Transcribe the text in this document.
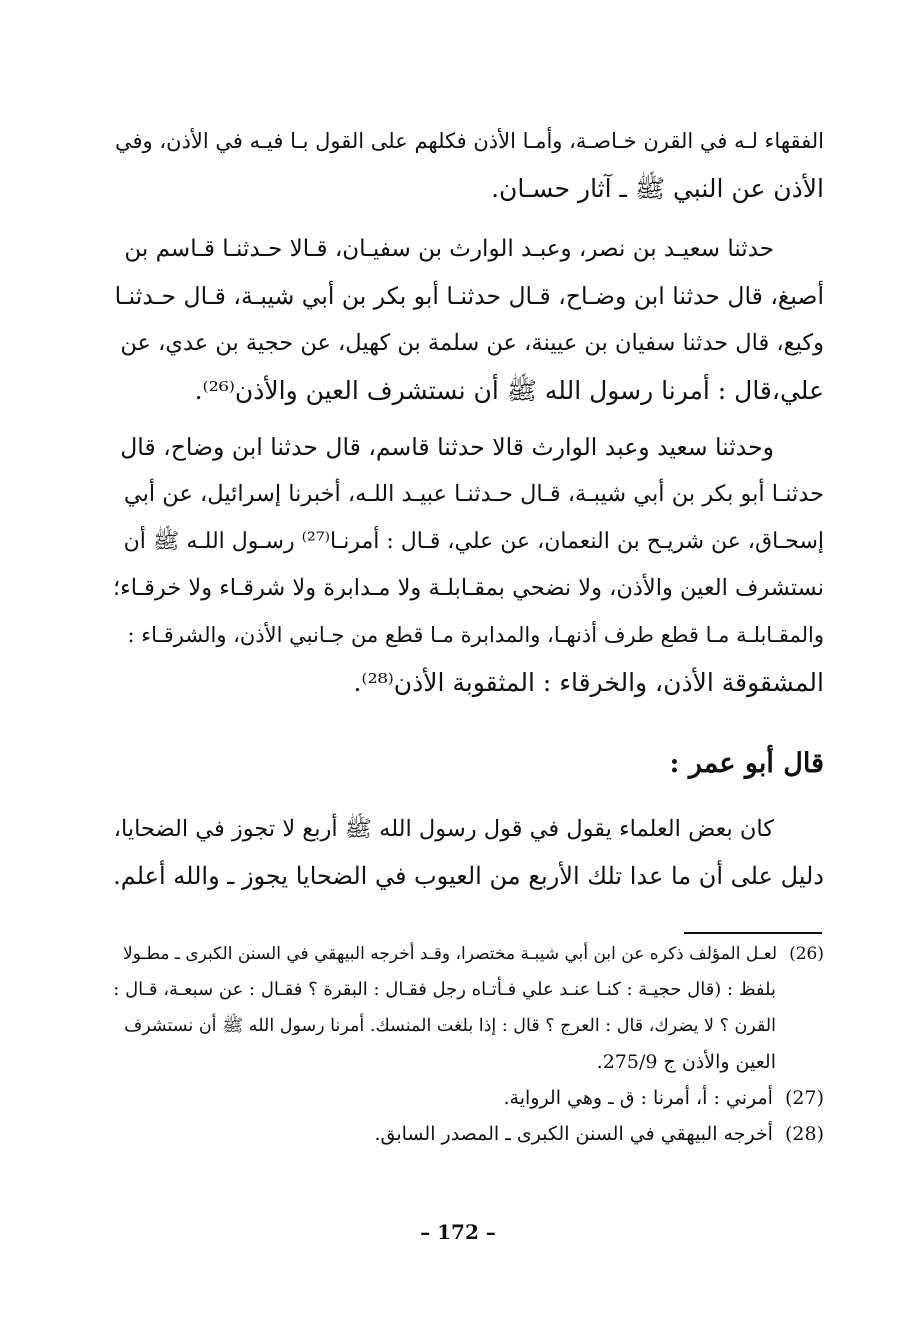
الفقهاء لـه في القرن خـاصـة، وأمـا الأذن فكلهم على القول بـا فيـه في الأذن، وفي
الأذن عن النبي ﷺ ـ آثار حسـان.
حدثنا سعيـد بن نصر، وعبـد الوارث بن سفيـان، قـالا حـدثنـا قـاسم بن
أصبغ، قال حدثنا ابن وضـاح، قـال حدثنـا أبو بكر بن أبي شيبـة، قـال حـدثنـا
وكيع، قال حدثنا سفيان بن عيينة، عن سلمة بن كهيل، عن حجية بن عدي، عن
علي،قال : أمرنا رسول الله ﷺ أن نستشرف العين والأذن⁽²⁶⁾.
وحدثنا سعيد وعبد الوارث قالا حدثنا قاسم، قال حدثنا ابن وضاح، قال
حدثنـا أبو بكر بن أبي شيبـة، قـال حـدثنـا عبيـد اللـه، أخبرنا إسرائيل، عن أبي
إسحـاق، عن شريـح بن النعمان، عن علي، قـال : أمرنـا⁽²⁷⁾ رسـول اللـه ﷺ أن
نستشرف العين والأذن، ولا نضحي بمقـابلـة ولا مـدابرة ولا شرقـاء ولا خرقـاء؛
والمقـابلـة مـا قطع طرف أذنهـا، والمدابرة مـا قطع من جـانبي الأذن، والشرقـاء :
المشقوقة الأذن، والخرقاء : المثقوبة الأذن⁽²⁸⁾.
قال أبو عمر :
كان بعض العلماء يقول في قول رسول الله ﷺ أربع لا تجوز في الضحايا،
دليل على أن ما عدا تلك الأربع من العيوب في الضحايا يجوز ـ والله أعلم.
(26)لعـل المؤلف ذكره عن ابن أبي شيبـة مختصرا، وقـد أخرجه البيهقي في السنن الكبرى ـ مطـولا
بلفظ : (قال حجيـة : كنـا عنـد علي فـأتـاه رجل فقـال : البقرة ؟ فقـال : عن سبعـة، قـال :
القرن ؟ لا يضرك، قال : العرج ؟ قال : إذا بلغت المنسك. أمرنا رسول الله ﷺ أن نستشرف
العين والأذن ج 275/9.
(27)أمرني : أ، أمرنا : ق ـ وهي الرواية.
(28)أخرجه البيهقي في السنن الكبرى ـ المصدر السابق.
– 172 –
